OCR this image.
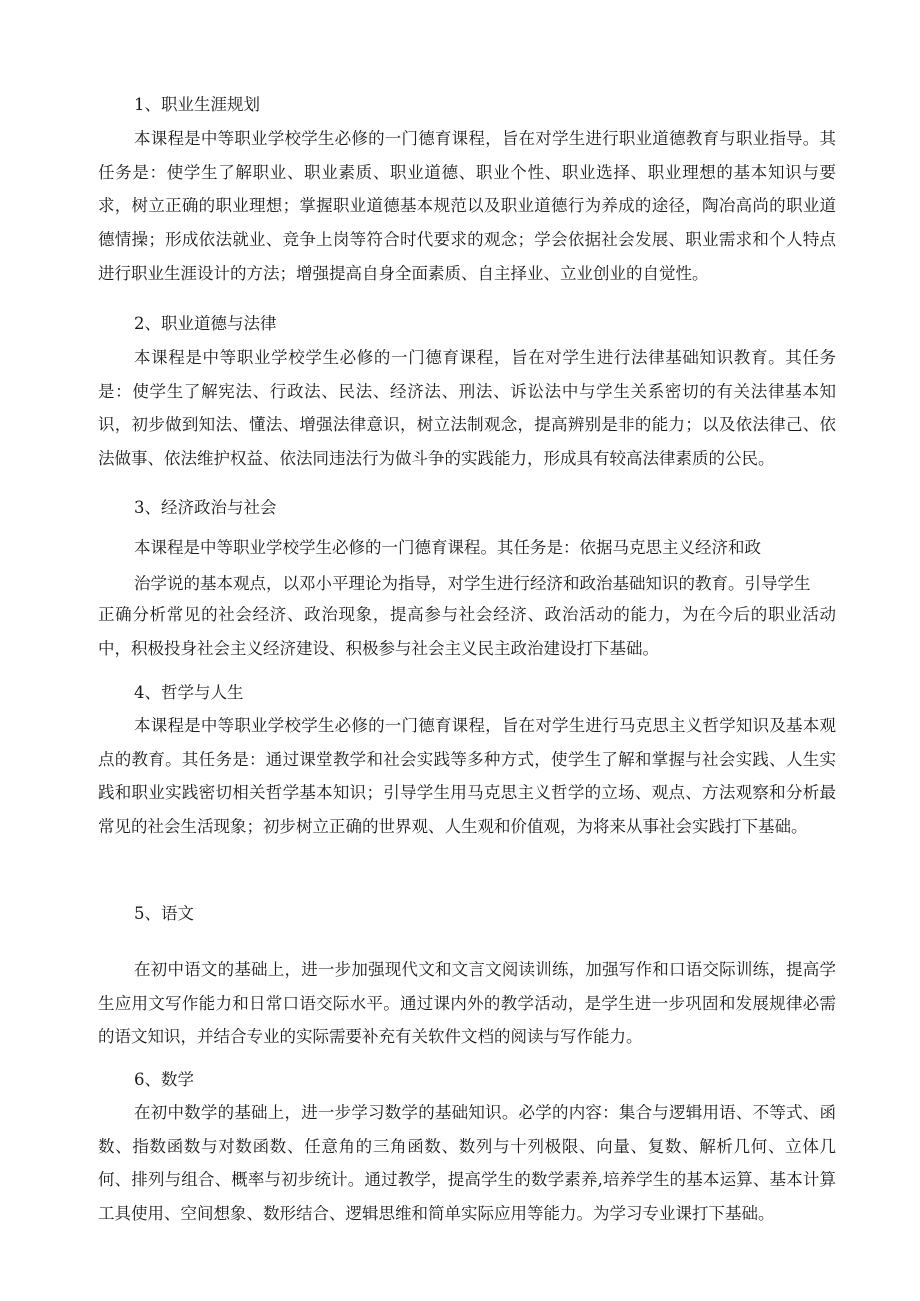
1、职业生涯规划

本课程是中等职业学校学生必修的一门德育课程，旨在对学生进行职业道德教育与职业指导。其任务是：使学生了解职业、职业素质、职业道德、职业个性、职业选择、职业理想的基本知识与要求，树立正确的职业理想；掌握职业道德基本规范以及职业道德行为养成的途径，陶冶高尚的职业道德情操；形成依法就业、竞争上岗等符合时代要求的观念；学会依据社会发展、职业需求和个人特点进行职业生涯设计的方法；增强提高自身全面素质、自主择业、立业创业的自觉性。

2、职业道德与法律

本课程是中等职业学校学生必修的一门德育课程，旨在对学生进行法律基础知识教育。其任务是：使学生了解宪法、行政法、民法、经济法、刑法、诉讼法中与学生关系密切的有关法律基本知识，初步做到知法、懂法、增强法律意识，树立法制观念，提高辨别是非的能力；以及依法律己、依法做事、依法维护权益、依法同违法行为做斗争的实践能力，形成具有较高法律素质的公民。

3、经济政治与社会
本课程是中等职业学校学生必修的一门德育课程。其任务是：依据马克思主义经济和政
治学说的基本观点，以邓小平理论为指导，对学生进行经济和政治基础知识的教育。引导学生

正确分析常见的社会经济、政治现象，提高参与社会经济、政治活动的能力，为在今后的职业活动中，积极投身社会主义经济建设、积极参与社会主义民主政治建设打下基础。

4、哲学与人生

本课程是中等职业学校学生必修的一门德育课程，旨在对学生进行马克思主义哲学知识及基本观点的教育。其任务是：通过课堂教学和社会实践等多种方式，使学生了解和掌握与社会实践、人生实践和职业实践密切相关哲学基本知识；引导学生用马克思主义哲学的立场、观点、方法观察和分析最常见的社会生活现象；初步树立正确的世界观、人生观和价值观，为将来从事社会实践打下基础。

5、语文

在初中语文的基础上，进一步加强现代文和文言文阅读训练，加强写作和口语交际训练，提高学生应用文写作能力和日常口语交际水平。通过课内外的教学活动，是学生进一步巩固和发展规律必需的语文知识，并结合专业的实际需要补充有关软件文档的阅读与写作能力。

6、数学

在初中数学的基础上，进一步学习数学的基础知识。必学的内容：集合与逻辑用语、不等式、函数、指数函数与对数函数、任意角的三角函数、数列与十列极限、向量、复数、解析几何、立体几何、排列与组合、概率与初步统计。通过教学，提高学生的数学素养,培养学生的基本运算、基本计算工具使用、空间想象、数形结合、逻辑思维和简单实际应用等能力。为学习专业课打下基础。
